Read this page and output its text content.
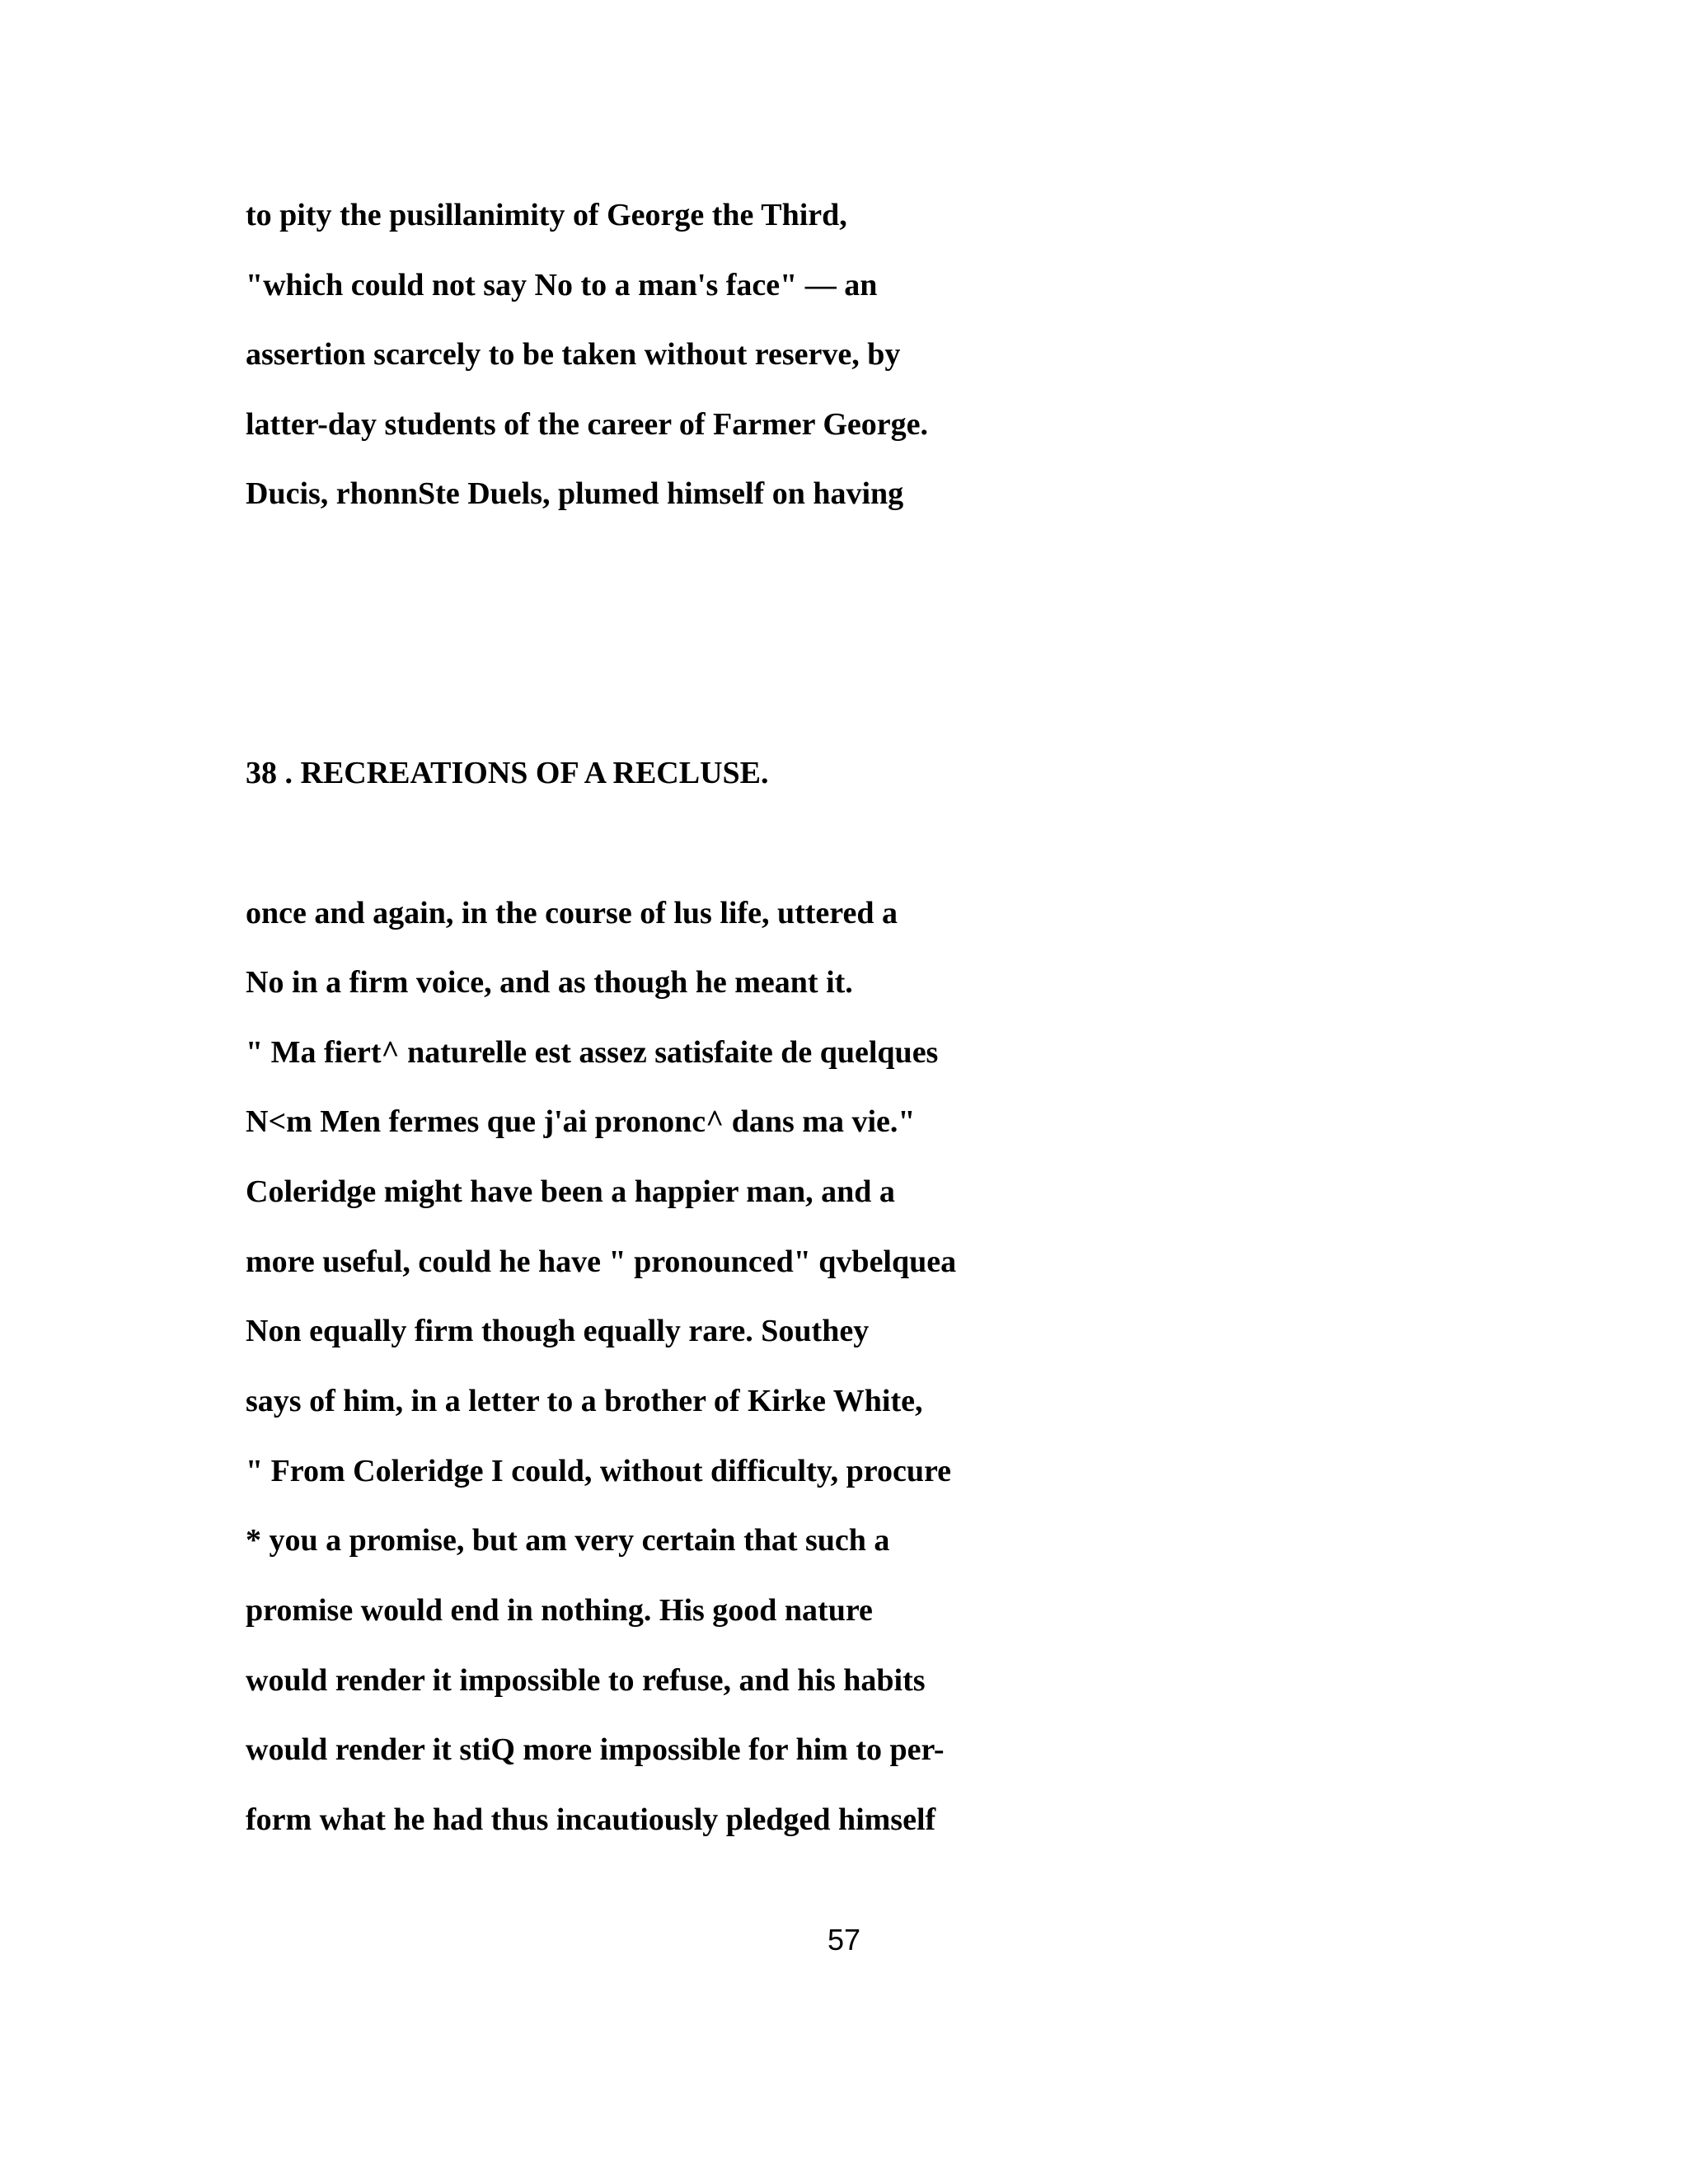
to pity the pusillanimity of George the Third,

"which could not say No to a man's face" — an

assertion scarcely to be taken without reserve, by

latter-day students of the career of Farmer George.

Ducis, rhonnSte Duels, plumed himself on having

38 . RECREATIONS OF A RECLUSE.

once and again, in the course of lus life, uttered a

No in a firm voice, and as though he meant it.

" Ma fiert^ naturelle est assez satisfaite de quelques

N<m Men fermes que j'ai prononc^ dans ma vie."

Coleridge might have been a happier man, and a

more useful, could he have " pronounced" qvbelquea

Non equally firm though equally rare. Southey

says of him, in a letter to a brother of Kirke White,

" From Coleridge I could, without difficulty, procure

* you a promise, but am very certain that such a

promise would end in nothing. His good nature

would render it impossible to refuse, and his habits

would render it stiQ more impossible for him to per-

form what he had thus incautiously pledged himself

57
